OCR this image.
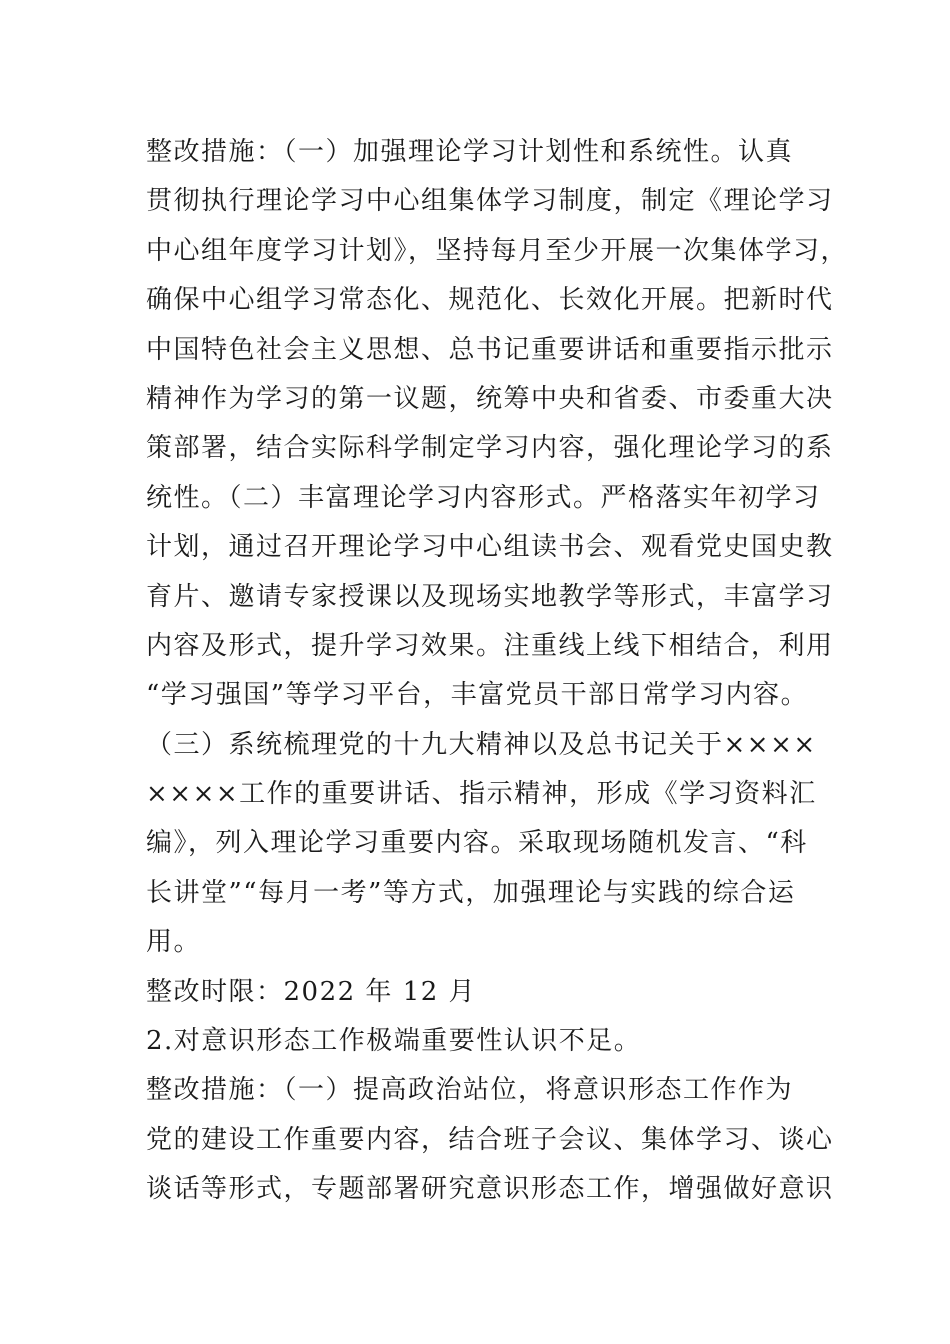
整改措施：（一）加强理论学习计划性和系统性。认真
贯彻执行理论学习中心组集体学习制度，制定《理论学习
中心组年度学习计划》，坚持每月至少开展一次集体学习，
确保中心组学习常态化、规范化、长效化开展。把新时代
中国特色社会主义思想、总书记重要讲话和重要指示批示
精神作为学习的第一议题，统筹中央和省委、市委重大决
策部署，结合实际科学制定学习内容，强化理论学习的系
统性。（二）丰富理论学习内容形式。严格落实年初学习
计划，通过召开理论学习中心组读书会、观看党史国史教
育片、邀请专家授课以及现场实地教学等形式，丰富学习
内容及形式，提升学习效果。注重线上线下相结合，利用
“学习强国”等学习平台，丰富党员干部日常学习内容。
（三）系统梳理党的十九大精神以及总书记关于××××
××××工作的重要讲话、指示精神，形成《学习资料汇
编》，列入理论学习重要内容。采取现场随机发言、“科
长讲堂”“每月一考”等方式，加强理论与实践的综合运
用。
整改时限：2022 年 12 月
2.对意识形态工作极端重要性认识不足。
整改措施：（一）提高政治站位，将意识形态工作作为
党的建设工作重要内容，结合班子会议、集体学习、谈心
谈话等形式，专题部署研究意识形态工作，增强做好意识
